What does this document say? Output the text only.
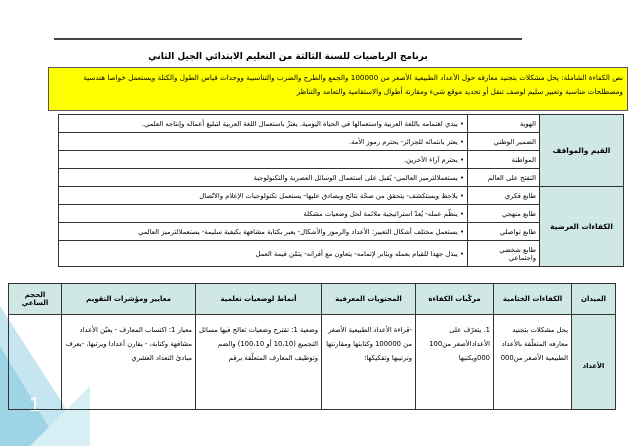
1
برنامج الرياضيات للسنة الثالثة من التعليم الابتدائي الجيل الثاني
نص الكفاءة الشاملة: يحل مشكلات بتجنيد معارفه حول الأعداد الطبيعية الأصغر من 100000 والجمع والطرح والضرب والتناسبية ووحدات قياس الطول والكتلة ويستعمل خواصا هندسية ومصطلحات مناسبة وتعبير سليم لوصف تنقل أو تحديد موقع شيء ومقارنة أطوال والاستقامية والتعامد والتناظر
القيم والمواقف	الهوية	• يبدي اهتمامه باللغة العربية واستعمالها في الحياة اليومية. يعتزّ باستعمال اللغة العربية لتبليغ أعماله وإنتاجه العلمي.
	الضمير الوطني	• يعتز بانتمائه للجزائر- يحترم رموز الأمة.
	المواطنة	• يحترم آراء الآخرين.
	التفتح على العالم	• يستعملالترميز العالمي- يُقبل على استعمال الوسائل العصرية والتكنولوجية
الكفاءات العرضية	طابع فكري	• يلاحظ ويستكشف- يتحقق من صحّة نتائج ويصادق عليها- يستعمل تكنولوجيات الإعلام والاتّصال
	طابع منهجي	• ينظّم عمله- يُعدّ استراتيجية ملائمة لحل وضعيات مشكلة
	طابع تواصلي	• يستعمل مختلف أشكال التعبير: الأعداد والرموز والأشكال- يعبر بكتابة مشافهة بكيفية سليمة- يستعملالترميز العالمي
	طابع شخصي واجتماعي	• يبذل جهدا للقيام بعمله ويثابر لإتمامه- يتعاون مع أقرانه- يثمّن قيمة العمل
الميدان	الكفاءات الختامية	مركّبات الكفاءة	المحتويات المعرفية	أنماط لوضعيات تعلمية	معايير ومؤشرات التقويم	الحجم الساعي
الأعداد	يحل مشكلات بتجنيد معارفه المتعلّقة بالأعداد الطبيعية الأصغر من000	1. يتعرّف على الأعدادالأصغر من100 000ويكتبها	-قراءة الأعداد الطبيعية الأصغر من 100000 وكتابتها ومقارنتها وترتيبها وتفكيكها؛	وضعية 1: تقترح وضعيات تعالج فيها مسائل التجميع (10،10 أو 100،10) والضم وتوظيف المعارف المتعلّقة برقم	معيار 1: اكتساب المعارف - يعيّن الأعداد مشافهة وكتابة، - يقارن أعدادا ويرتبها، -يعرف مبادئ التعداد العشري	
